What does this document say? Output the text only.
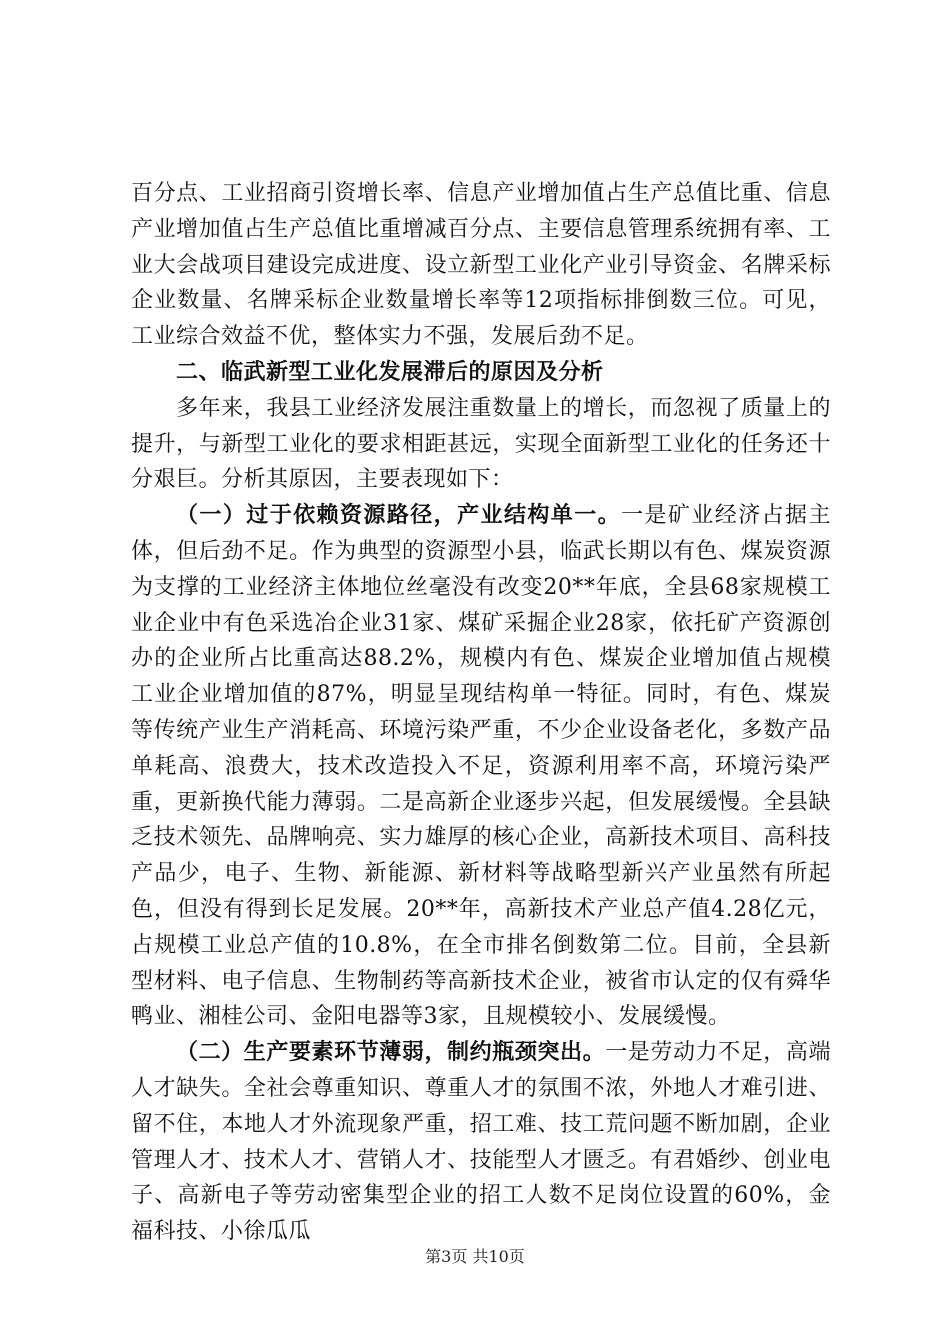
百分点、工业招商引资增长率、信息产业增加值占生产总值比重、信息产业增加值占生产总值比重增减百分点、主要信息管理系统拥有率、工业大会战项目建设完成进度、设立新型工业化产业引导资金、名牌采标企业数量、名牌采标企业数量增长率等12项指标排倒数三位。可见，工业综合效益不优，整体实力不强，发展后劲不足。

二、临武新型工业化发展滞后的原因及分析

多年来，我县工业经济发展注重数量上的增长，而忽视了质量上的提升，与新型工业化的要求相距甚远，实现全面新型工业化的任务还十分艰巨。分析其原因，主要表现如下：

（一）过于依赖资源路径，产业结构单一。一是矿业经济占据主体，但后劲不足。作为典型的资源型小县，临武长期以有色、煤炭资源为支撑的工业经济主体地位丝毫没有改变20**年底，全县68家规模工业企业中有色采选冶企业31家、煤矿采掘企业28家，依托矿产资源创办的企业所占比重高达88.2%，规模内有色、煤炭企业增加值占规模工业企业增加值的87%，明显呈现结构单一特征。同时，有色、煤炭等传统产业生产消耗高、环境污染严重，不少企业设备老化，多数产品单耗高、浪费大，技术改造投入不足，资源利用率不高，环境污染严重，更新换代能力薄弱。二是高新企业逐步兴起，但发展缓慢。全县缺乏技术领先、品牌响亮、实力雄厚的核心企业，高新技术项目、高科技产品少，电子、生物、新能源、新材料等战略型新兴产业虽然有所起色，但没有得到长足发展。20**年，高新技术产业总产值4.28亿元，占规模工业总产值的10.8%，在全市排名倒数第二位。目前，全县新型材料、电子信息、生物制药等高新技术企业，被省市认定的仅有舜华鸭业、湘桂公司、金阳电器等3家，且规模较小、发展缓慢。

（二）生产要素环节薄弱，制约瓶颈突出。一是劳动力不足，高端人才缺失。全社会尊重知识、尊重人才的氛围不浓，外地人才难引进、留不住，本地人才外流现象严重，招工难、技工荒问题不断加剧，企业管理人才、技术人才、营销人才、技能型人才匮乏。有君婚纱、创业电子、高新电子等劳动密集型企业的招工人数不足岗位设置的60%，金福科技、小徐瓜瓜

第3页 共10页
